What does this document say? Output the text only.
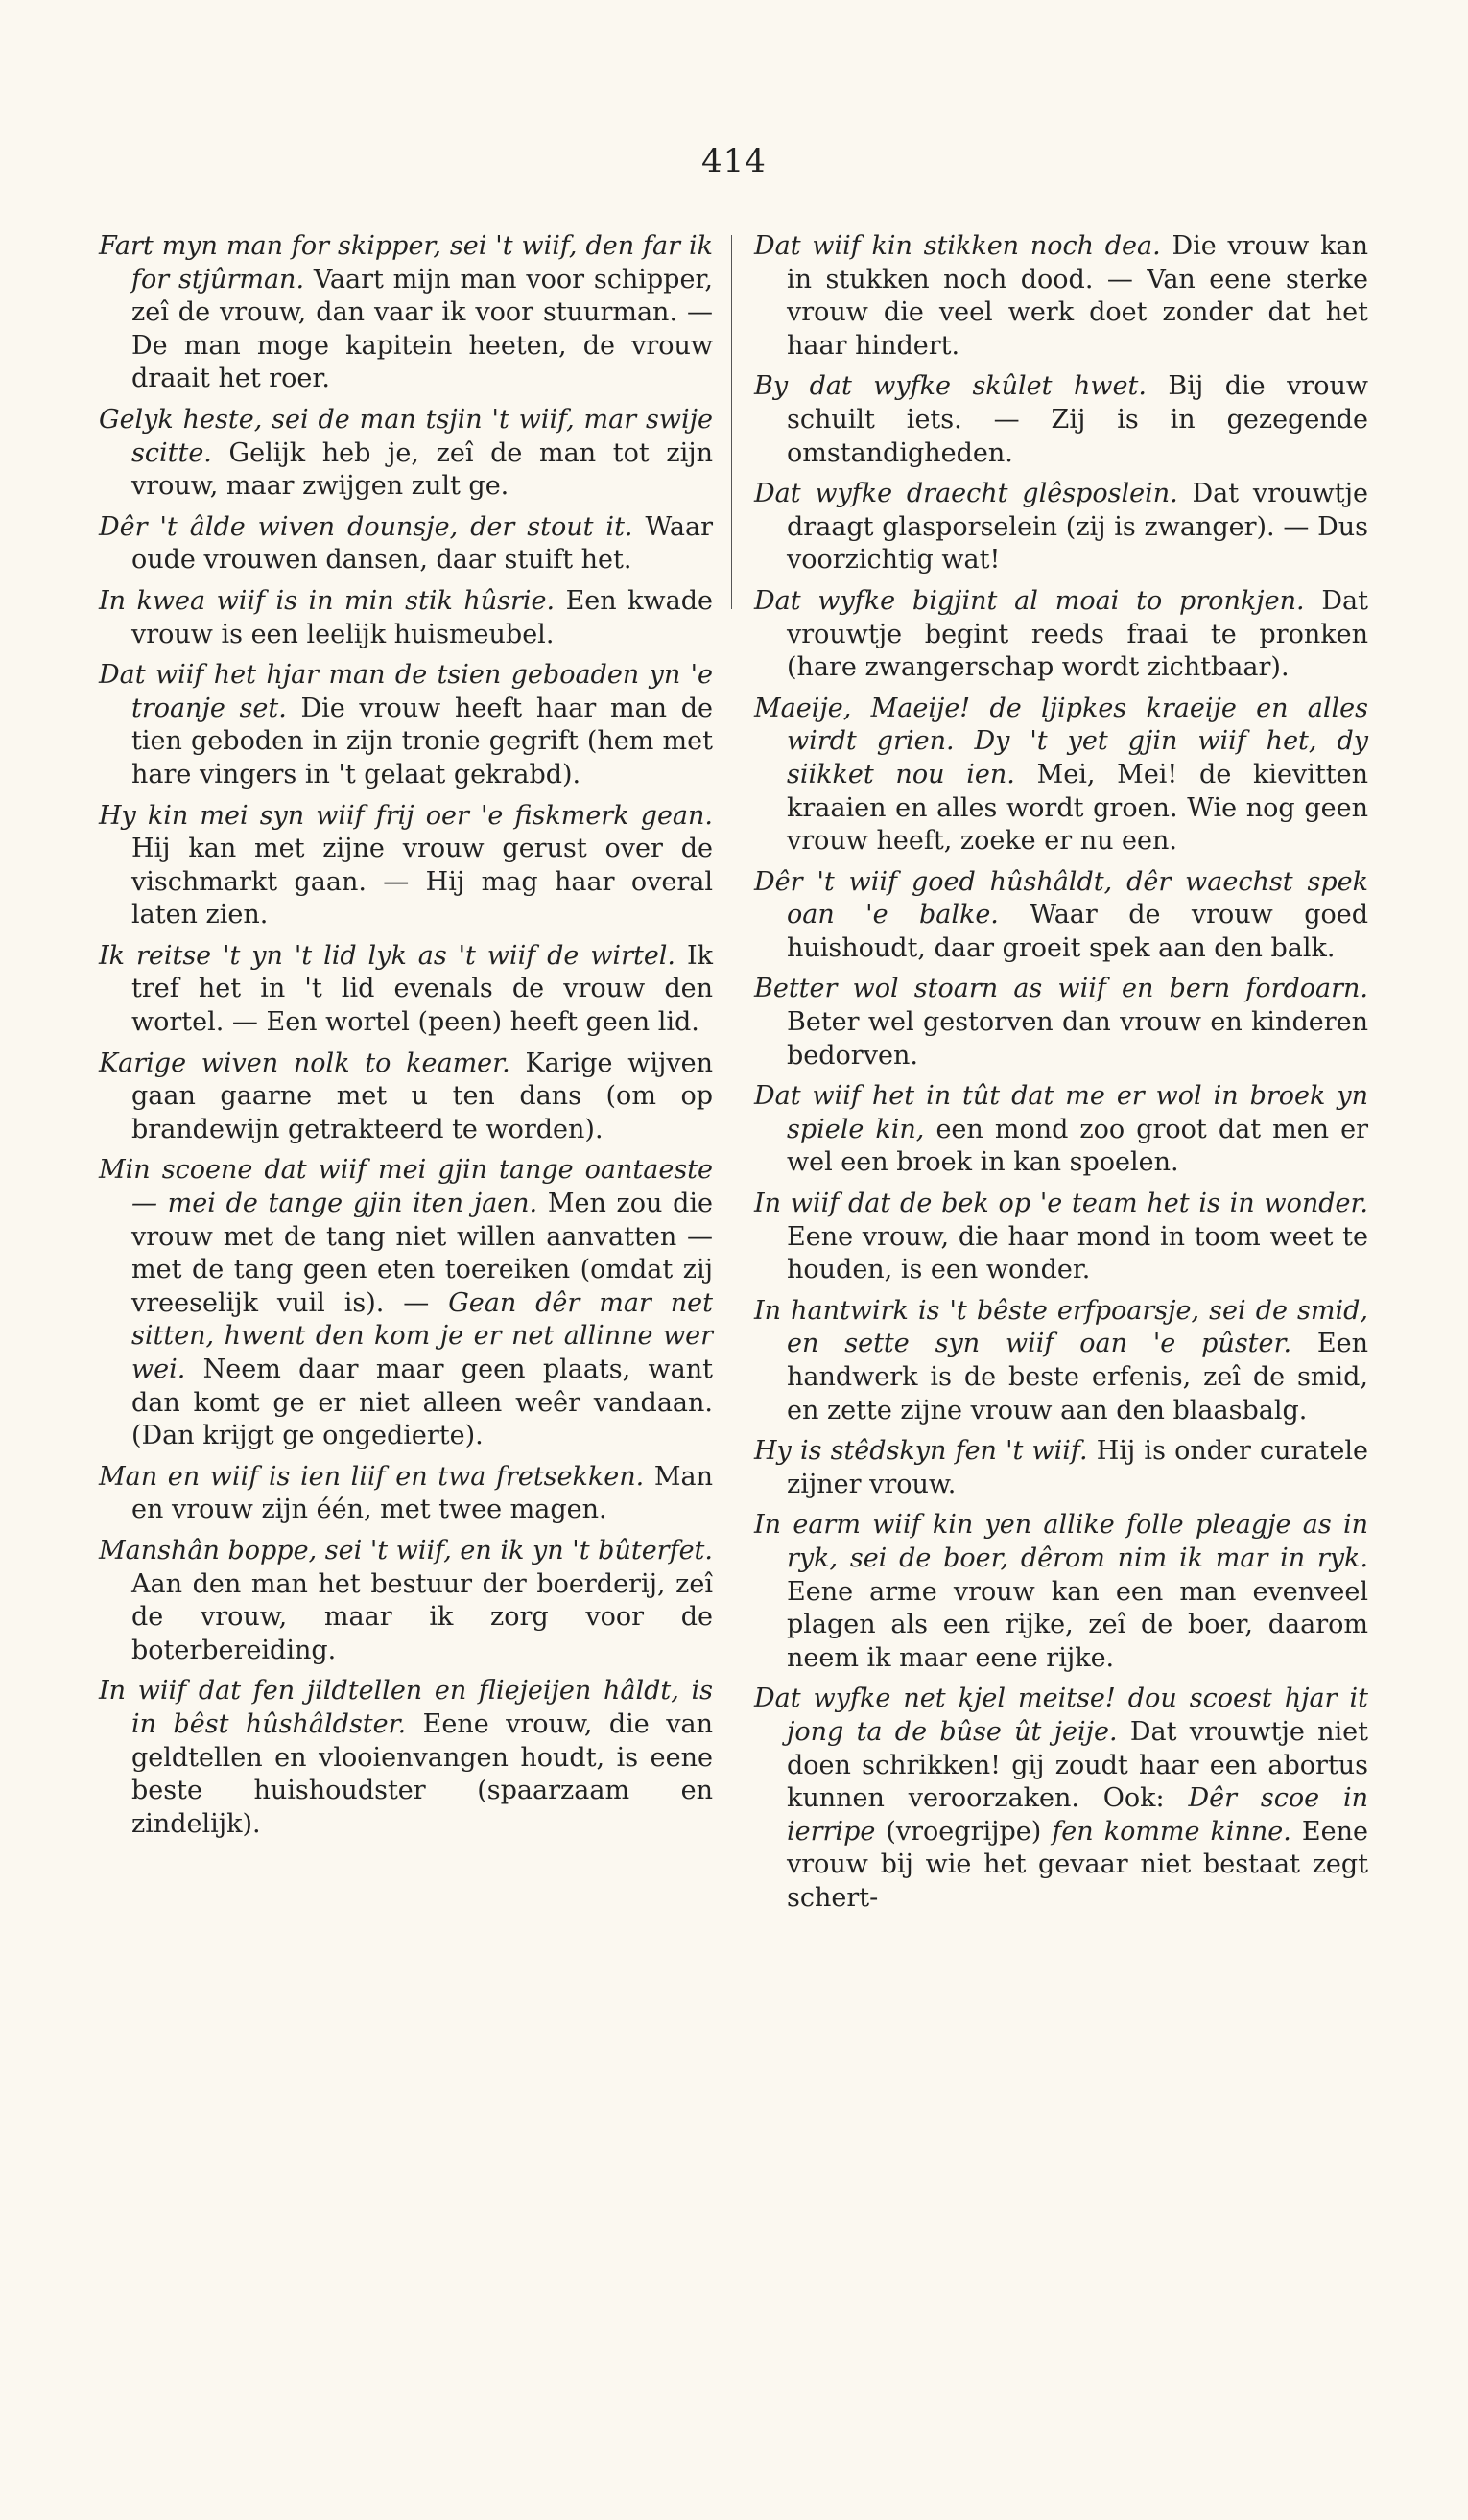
414

Fart myn man for skipper, sei 't wiif, den far ik for stjûrman. Vaart mijn man voor schipper, zeî de vrouw, dan vaar ik voor stuurman. — De man moge kapitein heeten, de vrouw draait het roer.

Gelyk heste, sei de man tsjin 't wiif, mar swije scitte. Gelijk heb je, zeî de man tot zijn vrouw, maar zwijgen zult ge.

Dêr 't âlde wiven dounsje, der stout it. Waar oude vrouwen dansen, daar stuift het.

In kwea wiif is in min stik hûsrie. Een kwade vrouw is een leelijk huismeubel.

Dat wiif het hjar man de tsien geboaden yn 'e troanje set. Die vrouw heeft haar man de tien geboden in zijn tronie gegrift (hem met hare vingers in 't gelaat gekrabd).

Hy kin mei syn wiif frij oer 'e fiskmerk gean. Hij kan met zijne vrouw gerust over de vischmarkt gaan. — Hij mag haar overal laten zien.

Ik reitse 't yn 't lid lyk as 't wiif de wirtel. Ik tref het in 't lid evenals de vrouw den wortel. — Een wortel (peen) heeft geen lid.

Karige wiven nolk to keamer. Karige wijven gaan gaarne met u ten dans (om op brandewijn getrakteerd te worden).

Min scoene dat wiif mei gjin tange oantaeste — mei de tange gjin iten jaen. Men zou die vrouw met de tang niet willen aanvatten — met de tang geen eten toereiken (omdat zij vreeselijk vuil is). — Gean dêr mar net sitten, hwent den kom je er net allinne wer wei. Neem daar maar geen plaats, want dan komt ge er niet alleen weêr vandaan. (Dan krijgt ge ongedierte).

Man en wiif is ien liif en twa fretsekken. Man en vrouw zijn één, met twee magen.

Manshân boppe, sei 't wiif, en ik yn 't bûterfet. Aan den man het bestuur der boerderij, zeî de vrouw, maar ik zorg voor de boterbereiding.

In wiif dat fen jildtellen en fliejeijen hâldt, is in bêst hûshâldster. Eene vrouw, die van geldtellen en vlooienvangen houdt, is eene beste huishoudster (spaarzaam en zindelijk).

Dat wiif kin stikken noch dea. Die vrouw kan in stukken noch dood. — Van eene sterke vrouw die veel werk doet zonder dat het haar hindert.

By dat wyfke skûlet hwet. Bij die vrouw schuilt iets. — Zij is in gezegende omstandigheden.

Dat wyfke draecht glêsposlein. Dat vrouwtje draagt glasporselein (zij is zwanger). — Dus voorzichtig wat!

Dat wyfke bigjint al moai to pronkjen. Dat vrouwtje begint reeds fraai te pronken (hare zwangerschap wordt zichtbaar).

Maeije, Maeije! de ljipkes kraeije en alles wirdt grien. Dy 't yet gjin wiif het, dy siikket nou ien. Mei, Mei! de kievitten kraaien en alles wordt groen. Wie nog geen vrouw heeft, zoeke er nu een.

Dêr 't wiif goed hûshâldt, dêr waechst spek oan 'e balke. Waar de vrouw goed huishoudt, daar groeit spek aan den balk.

Better wol stoarn as wiif en bern fordoarn. Beter wel gestorven dan vrouw en kinderen bedorven.

Dat wiif het in tût dat me er wol in broek yn spiele kin, een mond zoo groot dat men er wel een broek in kan spoelen.

In wiif dat de bek op 'e team het is in wonder. Eene vrouw, die haar mond in toom weet te houden, is een wonder.

In hantwirk is 't bêste erfpoarsje, sei de smid, en sette syn wiif oan 'e pûster. Een handwerk is de beste erfenis, zeî de smid, en zette zijne vrouw aan den blaasbalg.

Hy is stêdskyn fen 't wiif. Hij is onder curatele zijner vrouw.

In earm wiif kin yen allike folle pleagje as in ryk, sei de boer, dêrom nim ik mar in ryk. Eene arme vrouw kan een man evenveel plagen als een rijke, zeî de boer, daarom neem ik maar eene rijke.

Dat wyfke net kjel meitse! dou scoest hjar it jong ta de bûse ût jeije. Dat vrouwtje niet doen schrikken! gij zoudt haar een abortus kunnen veroorzaken. Ook: Dêr scoe in ierripe (vroegrijpe) fen komme kinne. Eene vrouw bij wie het gevaar niet bestaat zegt schert-
